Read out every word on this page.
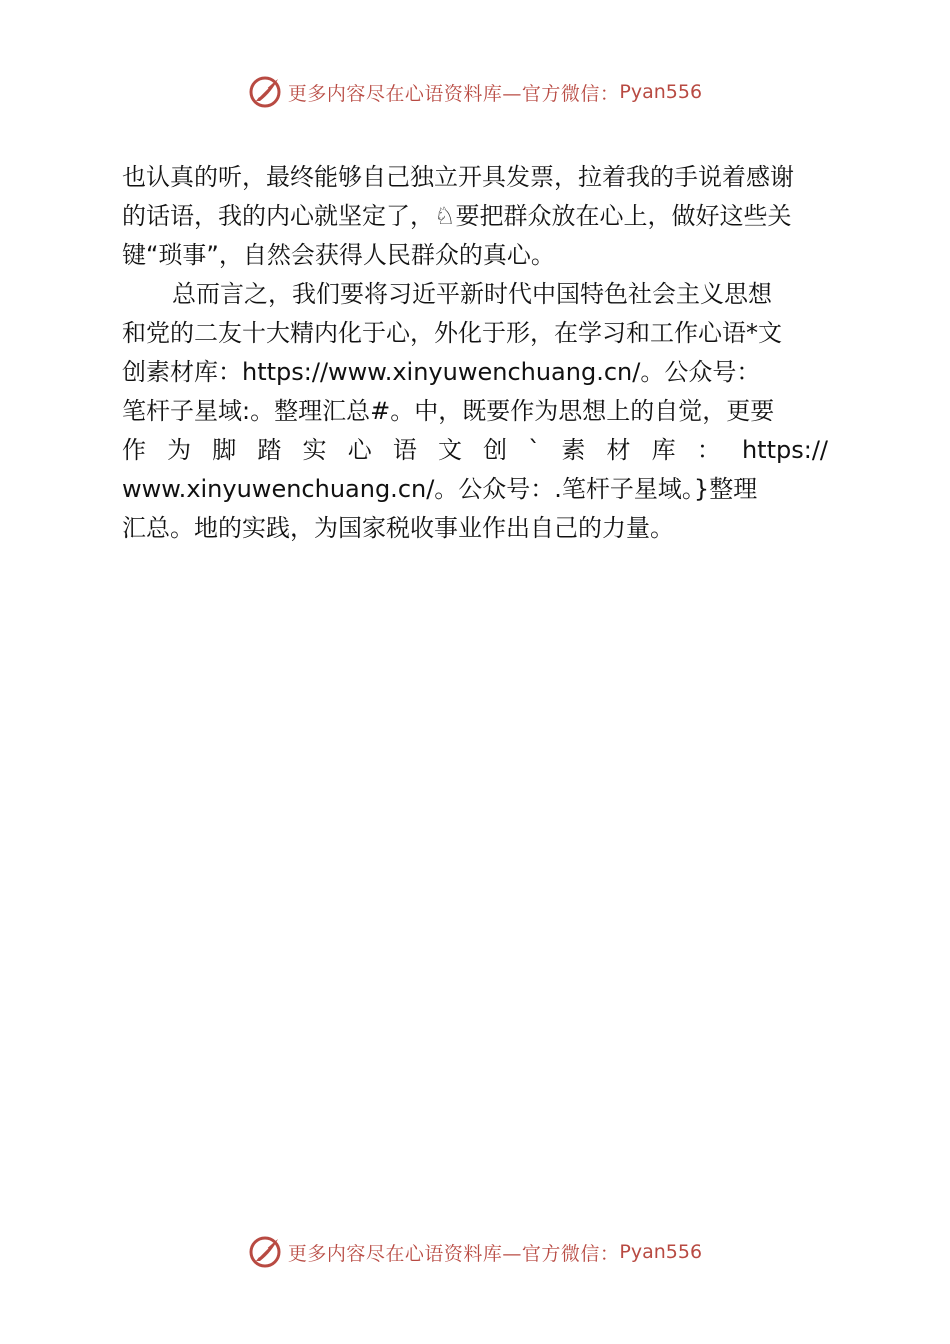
更多内容尽在心语资料库—官方微信： Pyan556
也认真的听，最终能够自己独立开具发票，拉着我的手说着感谢
的话语，我的内心就坚定了，♘要把群众放在心上，做好这些关
键“琐事”，自然会获得人民群众的真心。
总而言之，我们要将习近平新时代中国特色社会主义思想
和党的二友十大精内化于心，外化于形，在学习和工作心语*文
创素材库：https://www.xinyuwenchuang.cn/。公众号：
笔杆子星域:。整理汇总#。中，既要作为思想上的自觉，更要
作为脚踏实心语文创`素材库：https://
www.xinyuwenchuang.cn/。公众号：.笔杆子星域。}整理
汇总。地的实践，为国家税收事业作出自己的力量。
更多内容尽在心语资料库—官方微信： Pyan556
